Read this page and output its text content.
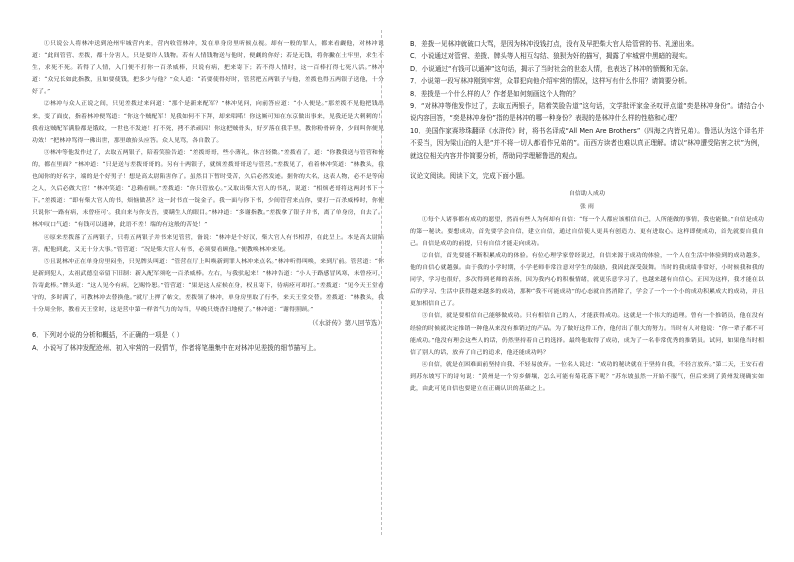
①只说公人将林冲送到沧州牢城营内来，营内收管林冲，发在单身房里听候点视。却有一般的罪人，都来看觑他，对林冲说道：“此间管营、差拨，都十分害人，只是要诈人钱物。若有人情钱物送与他时，便觑的你好；若是无钱，将你撇在土牢里，求生不生，求死不死。若得了人情，入门便不打你一百杀威棒，只说有病，把来寄下；若不得人情时，这一百棒打得七死八活。”林冲道：“众兄长如此指教，且如要使钱，把多少与他？”众人道：“若要使得好时，管营把五两银子与他，差拨也得五两银子送他，十分好了。”

②林冲与众人正说之间，只见差拨过来问道：“那个是新来配军？”林冲见问，向前答应道：“小人便是。”那差拨不见他把钱出来，变了面皮，指着林冲便骂道：“你这个贼配军！见我如何不下拜，却来唱喏！你这厮可知在东京做出事来，见我还是大剌剌的！我看这贼配军满脸都是饿纹，一世也不发迹！打不死，拷不杀顽囚！你这把贼骨头，好歹落在我手里，教你粉骨碎身，少间叫你便见功效！”把林冲骂得一佛出世，那里敢抬头应答。众人见骂，各自散了。

③林冲等他发作过了，去取五两银子，陪着笑脸告道：“差拨哥哥，些小薄礼，休言轻微。”差拨看了，道：“你教我送与管营和俺的，都在里面？”林冲道：“只是送与差拨哥哥的。另有十两银子，就烦差拨哥哥送与管营。”差拨见了，看着林冲笑道：“林教头，我也闻你的好名字，端的是个好男子！想是高太尉陷害你了。虽然目下暂时受苦，久后必然发迹。据你的大名，这表人物，必不是等闲之人，久后必做大官！”林冲笑道：“总赖看顾。”差拨道：“你只管放心。”又取出柴大官人的书礼，说道：“相烦老哥将这两封书下一下。”差拨道：“即有柴大官人的书，烦恼做甚？这一封书直一锭金子。我一面与你下书，少间管营来点你，要打一百杀威棒时，你便只说你‘一路有病，未曾痊可’。我自来与你支吾，要瞒生人的眼目。”林冲道：“多谢指教。”差拨拿了银子并书，离了单身房，自去了。林冲叹口气道：“有钱可以通神，此语不差！端的有这般的苦处！”

④原来差拨落了五两银子，只将五两银子并书来见管营，备说：“林冲是个好汉，柴大官人有书相荐，在此呈上。本是高太尉陷害，配他到此，又无十分大事。”管营道：“况是柴大官人有书，必须要看顾他。”便教唤林冲来见。

⑤且说林冲正在单身房里闷坐，只见牌头叫道：“管营在厅上叫唤新到罪人林冲来点名。”林冲听得叫唤，来到厅前。管营道：“你是新到犯人，太祖武德皇帝留下旧制：新入配军须吃一百杀威棒。左右，与我驮起来！”林冲告道：“小人于路感冒风寒，未曾痊可，告寄此棒。”牌头道：“这人见今有病，乞赐怜恕。”管营道：“果是这人症候在身，权且寄下，待病痊可却打。”差拨道：“见今天王堂看守的，多时满了，可教林冲去替换他。”就厅上押了帖文，差拨领了林冲，单身房里取了行李，来天王堂交替。差拨道：“林教头，我十分周全你，教看天王堂时，这是营中第一样省气力的勾当，早晚只烧香扫地便了。”林冲道：“谢得照顾。”

（《水浒传》第八回节选）

6．下列对小说的分析和概括，不正确的一项是（ ）

A．小说写了林冲发配沧州、初入牢营的一段情节，作者将笔墨集中在对林冲见差拨的细节描写上。

B．差拨一见林冲就破口大骂，是因为林冲没钱打点，没有及早把柴大官人给管营的书、礼递出来。

C．小说通过对管营、差拨、牌头等人相互勾结、狼狈为奸的描写，揭露了牢城营中黑暗的现实。

D．小说通过“有钱可以通神”这句话，揭示了当时社会的世态人情，也表达了林冲的愤慨和无奈。

7．小说第一段写林冲刚到牢营，众罪犯向他介绍牢营的情况，这样写有什么作用？请简要分析。

8．差拨是一个什么样的人？作者是如何刻画这个人物的？

9．“对林冲等他发作过了，去取五两银子，陪着笑脸告道”这句话，文学批评家金圣叹评点道“奕是林冲身份”。请结合小说内容回答，“奕是林冲身份”指的是林冲的哪一种身份？表现的是林冲什么样的性格和心理？

10．美国作家赛珍珠翻译《水浒传》时，将书名译成“All Men Are Brothers”（四海之内皆兄弟）。鲁迅认为这个译名并不妥当，因为梁山泊的人是“并不将一切人都看作兄弟的”。而西方读者也难以真正理解。请以“林冲遭受陷害之状”为例，就这位相关内容并作简要分析，帮助同学理解鲁迅的观点。

议论文阅读。阅读下文，完成下面小题。

自信助人成功

张 雨

①每个人诸事都有成功的愿望，然而有些人为何却有自信：“每一个人都应该相信自己，人所能做的事情，我也能做。”自信是成功的第一秘诀。要想成功，首先要学会自信，建立自信，通过自信使人更具有创造力、更有进取心。这样即便成功，首先就要自我自己。自信是成功的前提，只有自信才能走向成功。

②自信，首先要能不断积累成功的体验。有位心理学家曾经说过，自信来源于成功的体验，一个人在生活中体验到的成功越多，他的自信心就越强。由于我的小学时期，小学老师非常注意对学生的鼓励，我因此深受鼓舞。当时的我成绩非常好，小时候我和我的同学，学习也很好，多次得到老师的表扬，因为我内心的积极情绪，就更乐意学习了，也越来越有自信心。正因为这样，我才能在以后的学习、生活中获得越来越多的成功，那种“我不可能成功”的心态就自然消除了，学会了一个一个小的成功积累成大的成功，并且更加相信自己了。

③自信，就是要相信自己能够做成功。只有相信自己的人，才能获得成功。这就是一个伟大的道理。曾有一个推销员，他在没有经验的时候就决定推销一种他从来没有推销过的产品。为了做好这件工作，他付出了很大的努力。当时有人对他说：“你一辈子都不可能成功。”他没有理会这些人的话，仍然坚持着自己的选择。最终他取得了成功，成为了一名非常优秀的推销员。试问，如果他当时相信了别人的话，放弃了自己的追求，他还能成功吗？

④自信，就是在困难面前坚持自我、不轻易放弃。一位名人说过：“成功的秘诀就在于坚持自我，不轻言放弃。”第二天，王安石看到苏东坡写下的诗句说：“黄州是一个穷乡僻壤，怎么可能有菊花落下呢？”苏东坡虽然一开始不服气，但后来到了黄州发现确实如此，由此可见自信也要建立在正确认识的基础之上。
